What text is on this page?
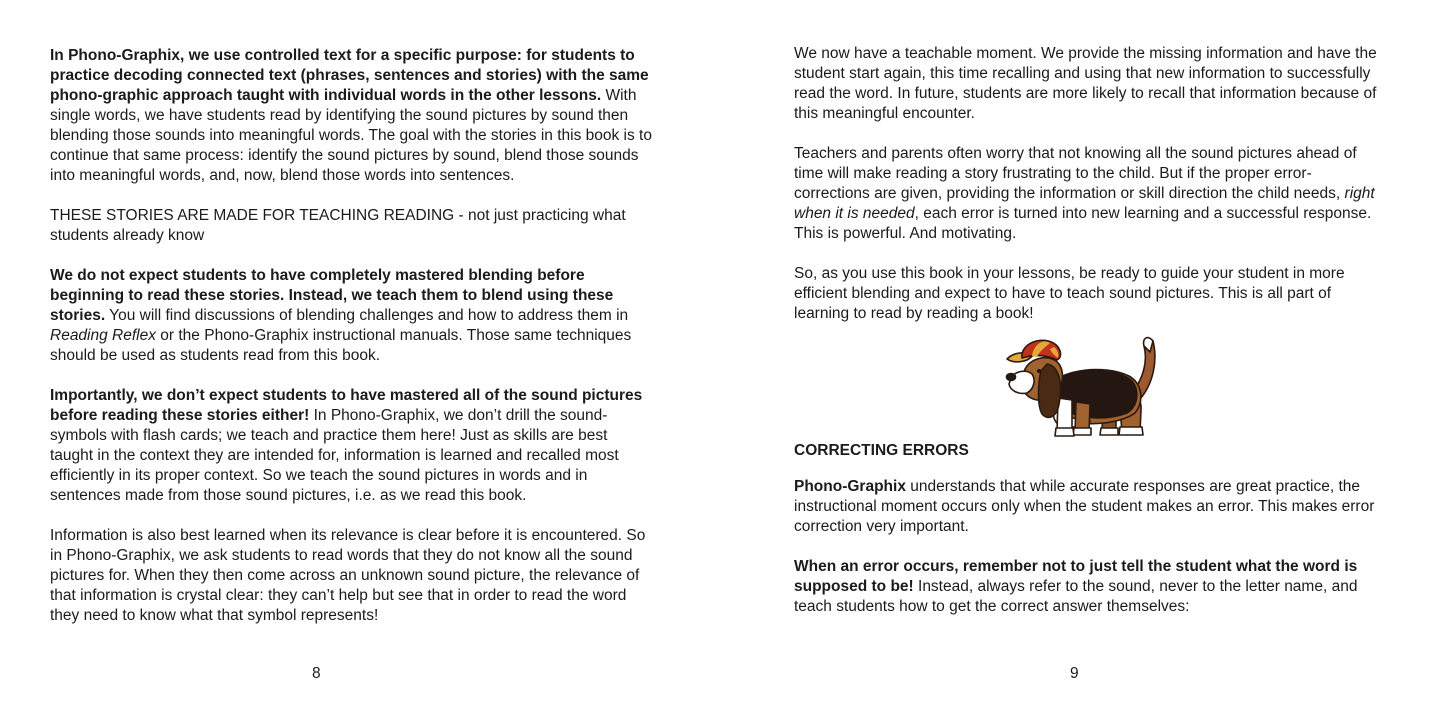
In Phono-Graphix, we use controlled text for a specific purpose: for students to practice decoding connected text (phrases, sentences and stories) with the same phono-graphic approach taught with individual words in the other lessons. With single words, we have students read by identifying the sound pictures by sound then blending those sounds into meaningful words. The goal with the stories in this book is to continue that same process: identify the sound pictures by sound, blend those sounds into meaningful words, and, now, blend those words into sentences.

THESE STORIES ARE MADE FOR TEACHING READING - not just practicing what students already know

We do not expect students to have completely mastered blending before beginning to read these stories. Instead, we teach them to blend using these stories. You will find discussions of blending challenges and how to address them in Reading Reflex or the Phono-Graphix instructional manuals. Those same techniques should be used as students read from this book.

Importantly, we don’t expect students to have mastered all of the sound pictures before reading these stories either! In Phono-Graphix, we don’t drill the sound-symbols with flash cards; we teach and practice them here! Just as skills are best taught in the context they are intended for, information is learned and recalled most efficiently in its proper context. So we teach the sound pictures in words and in sentences made from those sound pictures, i.e. as we read this book.

Information is also best learned when its relevance is clear before it is encountered. So in Phono-Graphix, we ask students to read words that they do not know all the sound pictures for. When they then come across an unknown sound picture, the relevance of that information is crystal clear: they can’t help but see that in order to read the word they need to know what that symbol represents!

8

We now have a teachable moment. We provide the missing information and have the student start again, this time recalling and using that new information to successfully read the word. In future, students are more likely to recall that information because of this meaningful encounter.

Teachers and parents often worry that not knowing all the sound pictures ahead of time will make reading a story frustrating to the child. But if the proper error-corrections are given, providing the information or skill direction the child needs, right when it is needed, each error is turned into new learning and a successful response. This is powerful. And motivating.

So, as you use this book in your lessons, be ready to guide your student in more efficient blending and expect to have to teach sound pictures. This is all part of learning to read by reading a book!

CORRECTING ERRORS

Phono-Graphix understands that while accurate responses are great practice, the instructional moment occurs only when the student makes an error. This makes error correction very important.

When an error occurs, remember not to just tell the student what the word is supposed to be! Instead, always refer to the sound, never to the letter name, and teach students how to get the correct answer themselves:

9
